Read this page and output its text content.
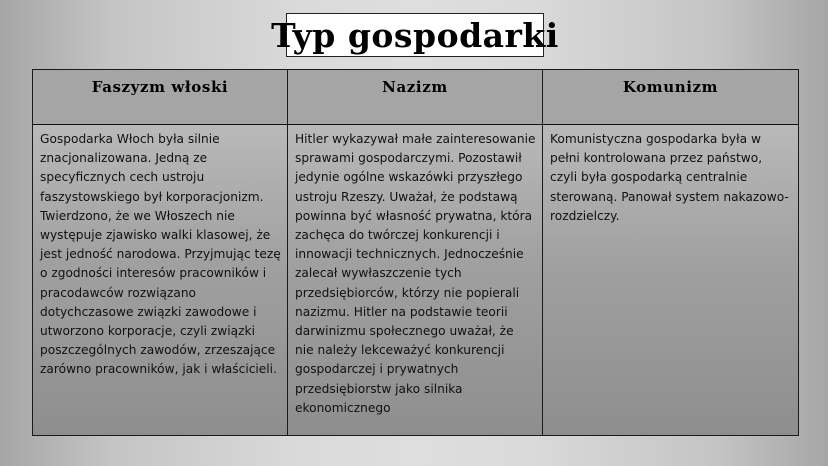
Typ gospodarki
Faszyzm włoski	Nazizm	Komunizm
Gospodarka Włoch była silnie znacjonalizowana. Jedną ze specyficznych cech ustroju faszystowskiego był korporacjonizm. Twierdzono, że we Włoszech nie występuje zjawisko walki klasowej, że jest jedność narodowa. Przyjmując tezę o zgodności interesów pracowników i pracodawców rozwiązano dotychczasowe związki zawodowe i utworzono korporacje, czyli związki poszczególnych zawodów, zrzeszające zarówno pracowników, jak i właścicieli.
Hitler wykazywał małe zainteresowanie sprawami gospodarczymi. Pozostawił jedynie ogólne wskazówki przyszłego ustroju Rzeszy. Uważał, że podstawą powinna być własność prywatna, która zachęca do twórczej konkurencji i innowacji technicznych. Jednocześnie zalecał wywłaszczenie tych przedsiębiorców, którzy nie popierali nazizmu. Hitler na podstawie teorii darwinizmu społecznego uważał, że nie należy lekceważyć konkurencji gospodarczej i prywatnych przedsiębiorstw jako silnika ekonomicznego
Komunistyczna gospodarka była w pełni kontrolowana przez państwo, czyli była gospodarką centralnie sterowaną. Panował system nakazowo-rozdzielczy.
